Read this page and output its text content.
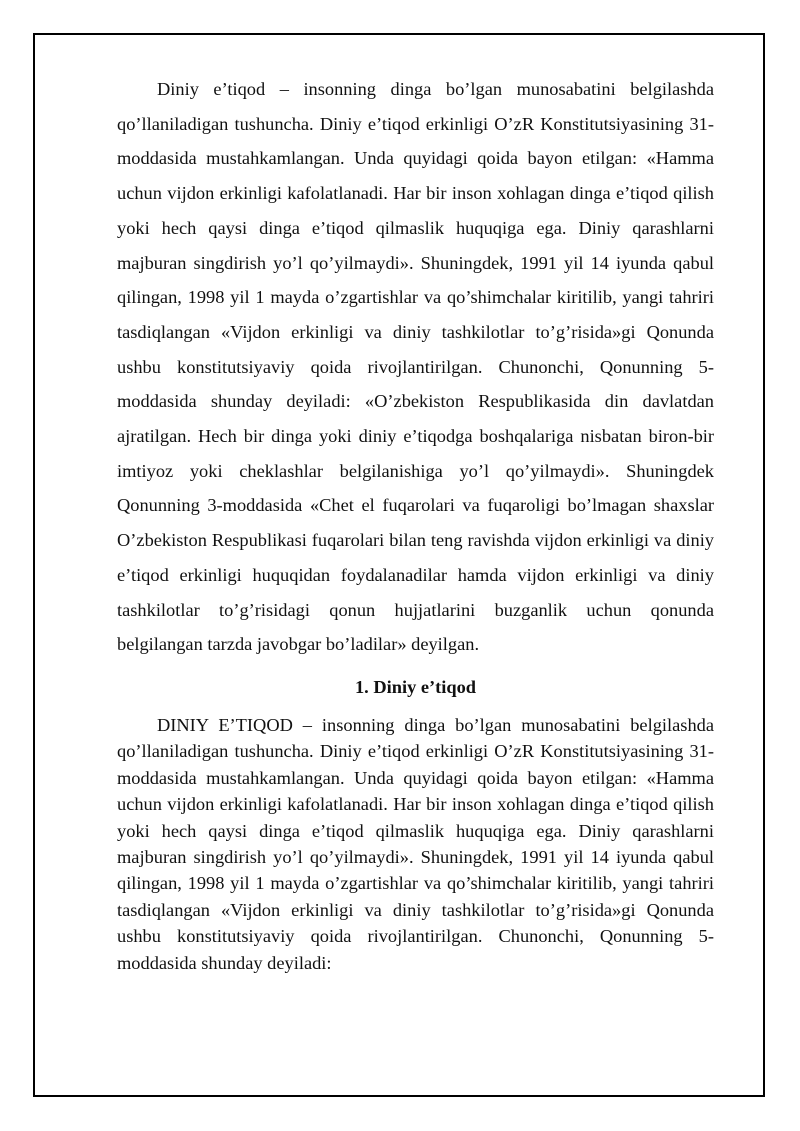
Diniy e’tiqod – insonning dinga bo’lgan munosabatini belgilashda qo’llaniladigan tushuncha. Diniy e’tiqod erkinligi O’zR Konstitutsiyasining 31-moddasida mustahkamlangan. Unda quyidagi qoida bayon etilgan: «Hamma uchun vijdon erkinligi kafolatlanadi. Har bir inson xohlagan dinga e’tiqod qilish yoki hech qaysi dinga e’tiqod qilmaslik huquqiga ega. Diniy qarashlarni majburan singdirish yo’l qo’yilmaydi». Shuningdek, 1991 yil 14 iyunda qabul qilingan, 1998 yil 1 mayda o’zgartishlar va qo’shimchalar kiritilib, yangi tahriri tasdiqlangan «Vijdon erkinligi va diniy tashkilotlar to’g’risida»gi Qonunda ushbu konstitutsiyaviy qoida rivojlantirilgan. Chunonchi, Qonunning 5-moddasida shunday deyiladi: «O’zbekiston Respublikasida din davlatdan ajratilgan. Hech bir dinga yoki diniy e’tiqodga boshqalariga nisbatan biron-bir imtiyoz yoki cheklashlar belgilanishiga yo’l qo’yilmaydi». Shuningdek Qonunning 3-moddasida «Chet el fuqarolari va fuqaroligi bo’lmagan shaxslar O’zbekiston Respublikasi fuqarolari bilan teng ravishda vijdon erkinligi va diniy e’tiqod erkinligi huquqidan foydalanadilar hamda vijdon erkinligi va diniy tashkilotlar to’g’risidagi qonun hujjatlarini buzganlik uchun qonunda belgilangan tarzda javobgar bo’ladilar» deyilgan.

1. Diniy e’tiqod

DINIY E’TIQOD – insonning dinga bo’lgan munosabatini belgilashda qo’llaniladigan tushuncha. Diniy e’tiqod erkinligi O’zR Konstitutsiyasining 31-moddasida mustahkamlangan. Unda quyidagi qoida bayon etilgan: «Hamma uchun vijdon erkinligi kafolatlanadi. Har bir inson xohlagan dinga e’tiqod qilish yoki hech qaysi dinga e’tiqod qilmaslik huquqiga ega. Diniy qarashlarni majburan singdirish yo’l qo’yilmaydi». Shuningdek, 1991 yil 14 iyunda qabul qilingan, 1998 yil 1 mayda o’zgartishlar va qo’shimchalar kiritilib, yangi tahriri tasdiqlangan «Vijdon erkinligi va diniy tashkilotlar to’g’risida»gi Qonunda ushbu konstitutsiyaviy qoida rivojlantirilgan. Chunonchi, Qonunning 5-moddasida shunday deyiladi:
